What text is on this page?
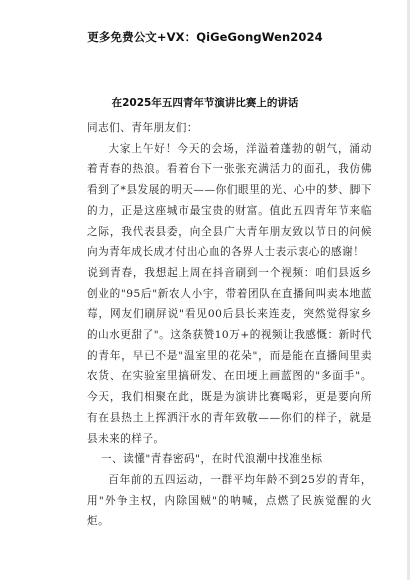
更多免费公文+VX：QiGeGongWen2024
在2025年五四青年节演讲比赛上的讲话

同志们、青年朋友们：

大家上午好！今天的会场，洋溢着蓬勃的朝气，涌动着青春的热浪。看着台下一张张充满活力的面孔，我仿佛看到了*县发展的明天——你们眼里的光、心中的梦、脚下的力，正是这座城市最宝贵的财富。值此五四青年节来临之际，我代表县委，向全县广大青年朋友致以节日的问候向为青年成长成才付出心血的各界人士表示衷心的感谢！

说到青春，我想起上周在抖音刷到一个视频：咱们县返乡创业的"95后"新农人小宇，带着团队在直播间叫卖本地蓝莓，网友们刷屏说"看见00后县长来连麦，突然觉得家乡的山水更甜了"。这条获赞10万+的视频让我感慨：新时代的青年，早已不是"温室里的花朵"，而是能在直播间里卖农货、在实验室里搞研发、在田埂上画蓝图的"多面手"。今天，我们相聚在此，既是为演讲比赛喝彩，更是要向所有在县热土上挥洒汗水的青年致敬——你们的样子，就是县未来的样子。

一、读懂"青春密码"，在时代浪潮中找准坐标

百年前的五四运动，一群平均年龄不到25岁的青年，用"外争主权，内除国贼"的呐喊，点燃了民族觉醒的火炬。
